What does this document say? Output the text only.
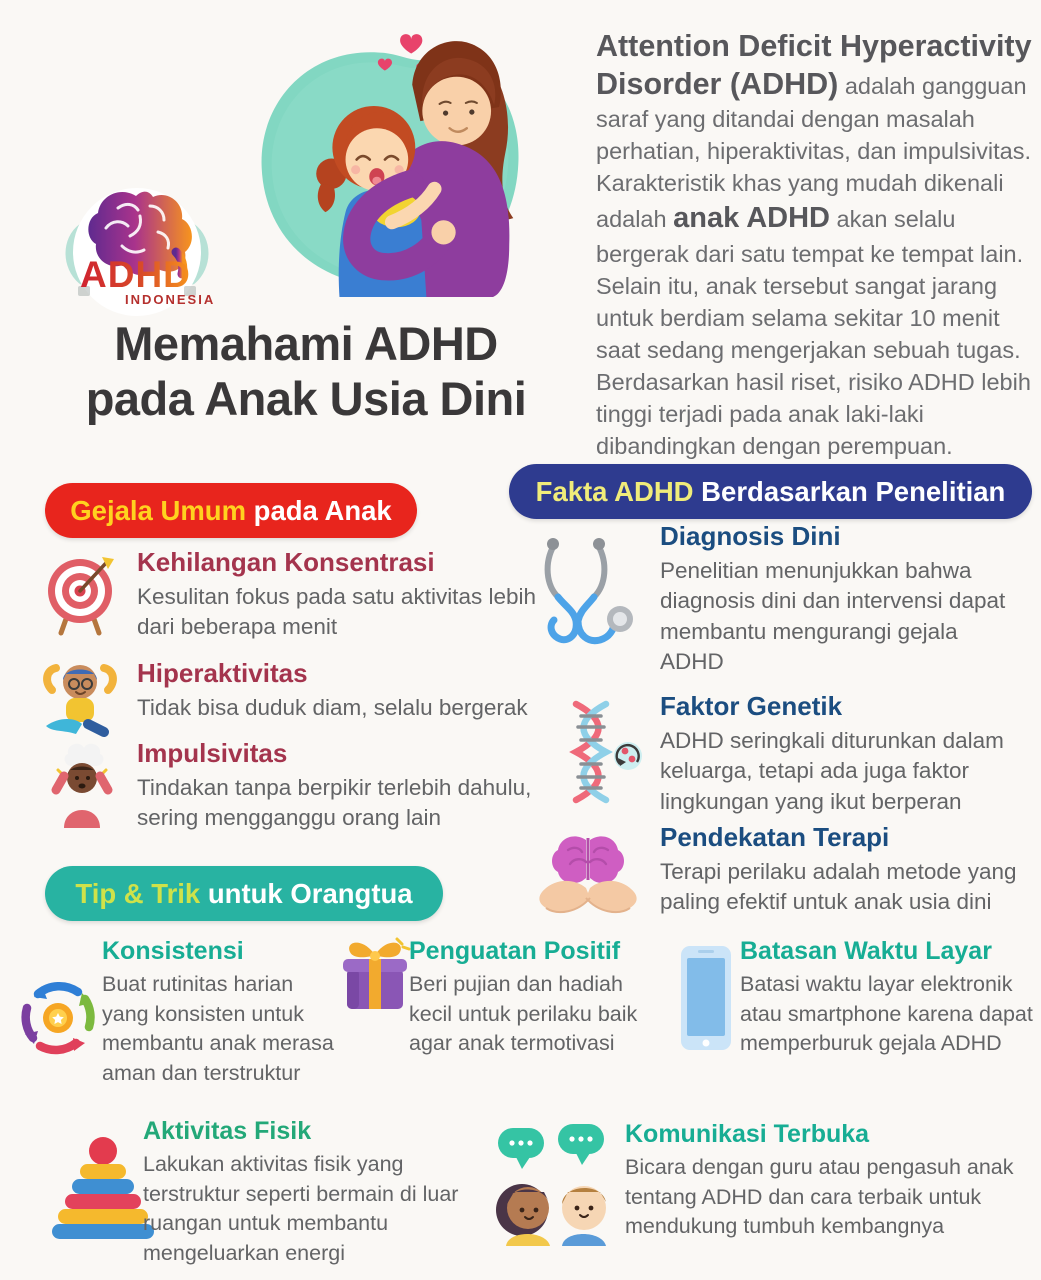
ADHD
INDONESIA

Attention Deficit Hyperactivity Disorder (ADHD) adalah gangguan saraf yang ditandai dengan masalah perhatian, hiperaktivitas, dan impulsivitas. Karakteristik khas yang mudah dikenali adalah anak ADHD akan selalu bergerak dari satu tempat ke tempat lain. Selain itu, anak tersebut sangat jarang untuk berdiam selama sekitar 10 menit saat sedang mengerjakan sebuah tugas. Berdasarkan hasil riset, risiko ADHD lebih tinggi terjadi pada anak laki-laki dibandingkan dengan perempuan.

Memahami ADHD
pada Anak Usia Dini
Gejala Umum pada Anak
Kehilangan Konsentrasi
Kesulitan fokus pada satu aktivitas lebih dari beberapa menit
Hiperaktivitas
Tidak bisa duduk diam, selalu bergerak
Impulsivitas
Tindakan tanpa berpikir terlebih dahulu, sering mengganggu orang lain
Fakta ADHD Berdasarkan Penelitian
Diagnosis Dini
Penelitian menunjukkan bahwa diagnosis dini dan intervensi dapat membantu mengurangi gejala ADHD
Faktor Genetik
ADHD seringkali diturunkan dalam keluarga, tetapi ada juga faktor lingkungan yang ikut berperan
Pendekatan Terapi
Terapi perilaku adalah metode yang paling efektif untuk anak usia dini
Tip & Trik untuk Orangtua
Konsistensi
Buat rutinitas harian yang konsisten untuk membantu anak merasa aman dan terstruktur
Penguatan Positif
Beri pujian dan hadiah kecil untuk perilaku baik agar anak termotivasi
Batasan Waktu Layar
Batasi waktu layar elektronik atau smartphone karena dapat memperburuk gejala ADHD
Aktivitas Fisik
Lakukan aktivitas fisik yang terstruktur seperti bermain di luar ruangan untuk membantu mengeluarkan energi
Komunikasi Terbuka
Bicara dengan guru atau pengasuh anak tentang ADHD dan cara terbaik untuk mendukung tumbuh kembangnya
